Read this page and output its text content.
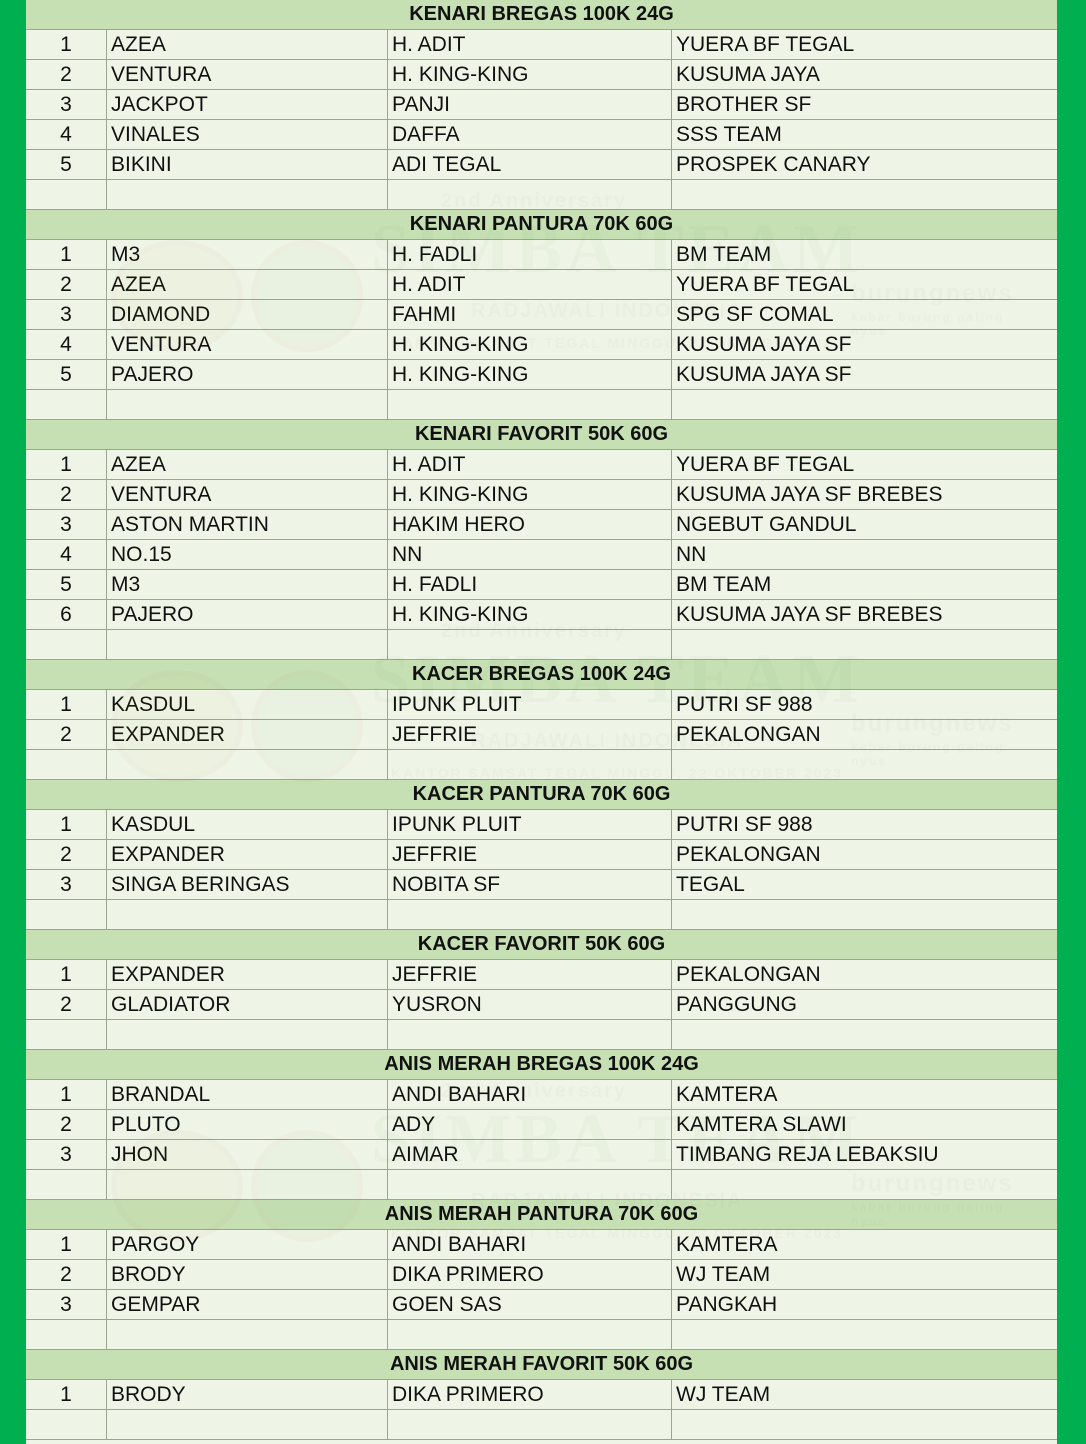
KENARI BREGAS 100K 24G
1	AZEA	H. ADIT	YUERA BF TEGAL
2	VENTURA	H. KING-KING	KUSUMA JAYA
3	JACKPOT	PANJI	BROTHER SF
4	VINALES	DAFFA	SSS TEAM
5	BIKINI	ADI TEGAL	PROSPEK CANARY
KENARI PANTURA 70K 60G
1	M3	H. FADLI	BM TEAM
2	AZEA	H. ADIT	YUERA BF TEGAL
3	DIAMOND	FAHMI	SPG SF COMAL
4	VENTURA	H. KING-KING	KUSUMA JAYA SF
5	PAJERO	H. KING-KING	KUSUMA JAYA SF
KENARI FAVORIT 50K 60G
1	AZEA	H. ADIT	YUERA BF TEGAL
2	VENTURA	H. KING-KING	KUSUMA JAYA SF BREBES
3	ASTON MARTIN	HAKIM HERO	NGEBUT GANDUL
4	NO.15	NN	NN
5	M3	H. FADLI	BM TEAM
6	PAJERO	H. KING-KING	KUSUMA JAYA SF BREBES
KACER BREGAS 100K 24G
1	KASDUL	IPUNK PLUIT	PUTRI SF 988
2	EXPANDER	JEFFRIE	PEKALONGAN
KACER PANTURA 70K 60G
1	KASDUL	IPUNK PLUIT	PUTRI SF 988
2	EXPANDER	JEFFRIE	PEKALONGAN
3	SINGA BERINGAS	NOBITA SF	TEGAL
KACER FAVORIT 50K 60G
1	EXPANDER	JEFFRIE	PEKALONGAN
2	GLADIATOR	YUSRON	PANGGUNG
ANIS MERAH BREGAS 100K 24G
1	BRANDAL	ANDI BAHARI	KAMTERA
2	PLUTO	ADY	KAMTERA SLAWI
3	JHON	AIMAR	TIMBANG REJA LEBAKSIU
ANIS MERAH PANTURA 70K 60G
1	PARGOY	ANDI BAHARI	KAMTERA
2	BRODY	DIKA PRIMERO	WJ TEAM
3	GEMPAR	GOEN SAS	PANGKAH
ANIS MERAH FAVORIT 50K 60G
1	BRODY	DIKA PRIMERO	WJ TEAM
